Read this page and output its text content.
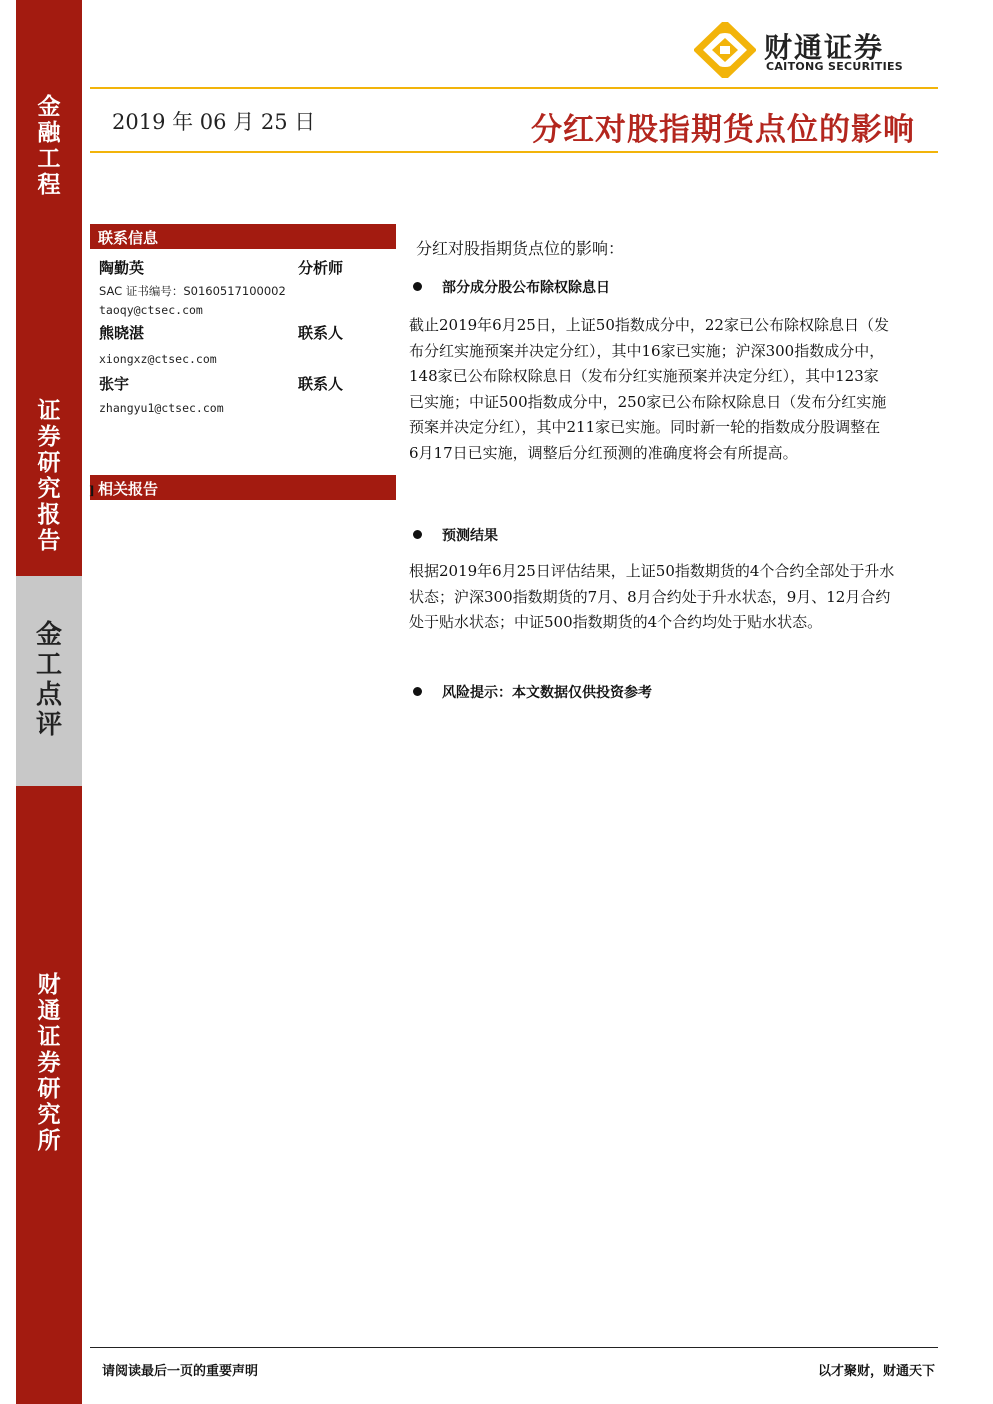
金
融
工
程
证
券
研
究
报
告
金
工
点
评
财
通
证
券
研
究
所
财通证券
CAITONG SECURITIES
2019 年 06 月 25 日	分红对股指期货点位的影响
联系信息
陶勤英	分析师
SAC 证书编号：S0160517100002
taoqy@ctsec.com
熊晓湛	联系人
xiongxz@ctsec.com
张宇	联系人
zhangyu1@ctsec.com
相关报告
]
分红对股指期货点位的影响：
部分成分股公布除权除息日
截止2019年6月25日，上证50指数成分中，22家已公布除权除息日（发
布分红实施预案并决定分红），其中16家已实施；沪深300指数成分中，
148家已公布除权除息日（发布分红实施预案并决定分红），其中123家
已实施；中证500指数成分中，250家已公布除权除息日（发布分红实施
预案并决定分红），其中211家已实施。同时新一轮的指数成分股调整在
6月17日已实施，调整后分红预测的准确度将会有所提高。
预测结果
根据2019年6月25日评估结果，上证50指数期货的4个合约全部处于升水
状态；沪深300指数期货的7月、8月合约处于升水状态，9月、12月合约
处于贴水状态；中证500指数期货的4个合约均处于贴水状态。
风险提示：本文数据仅供投资参考
请阅读最后一页的重要声明	以才聚财，财通天下
